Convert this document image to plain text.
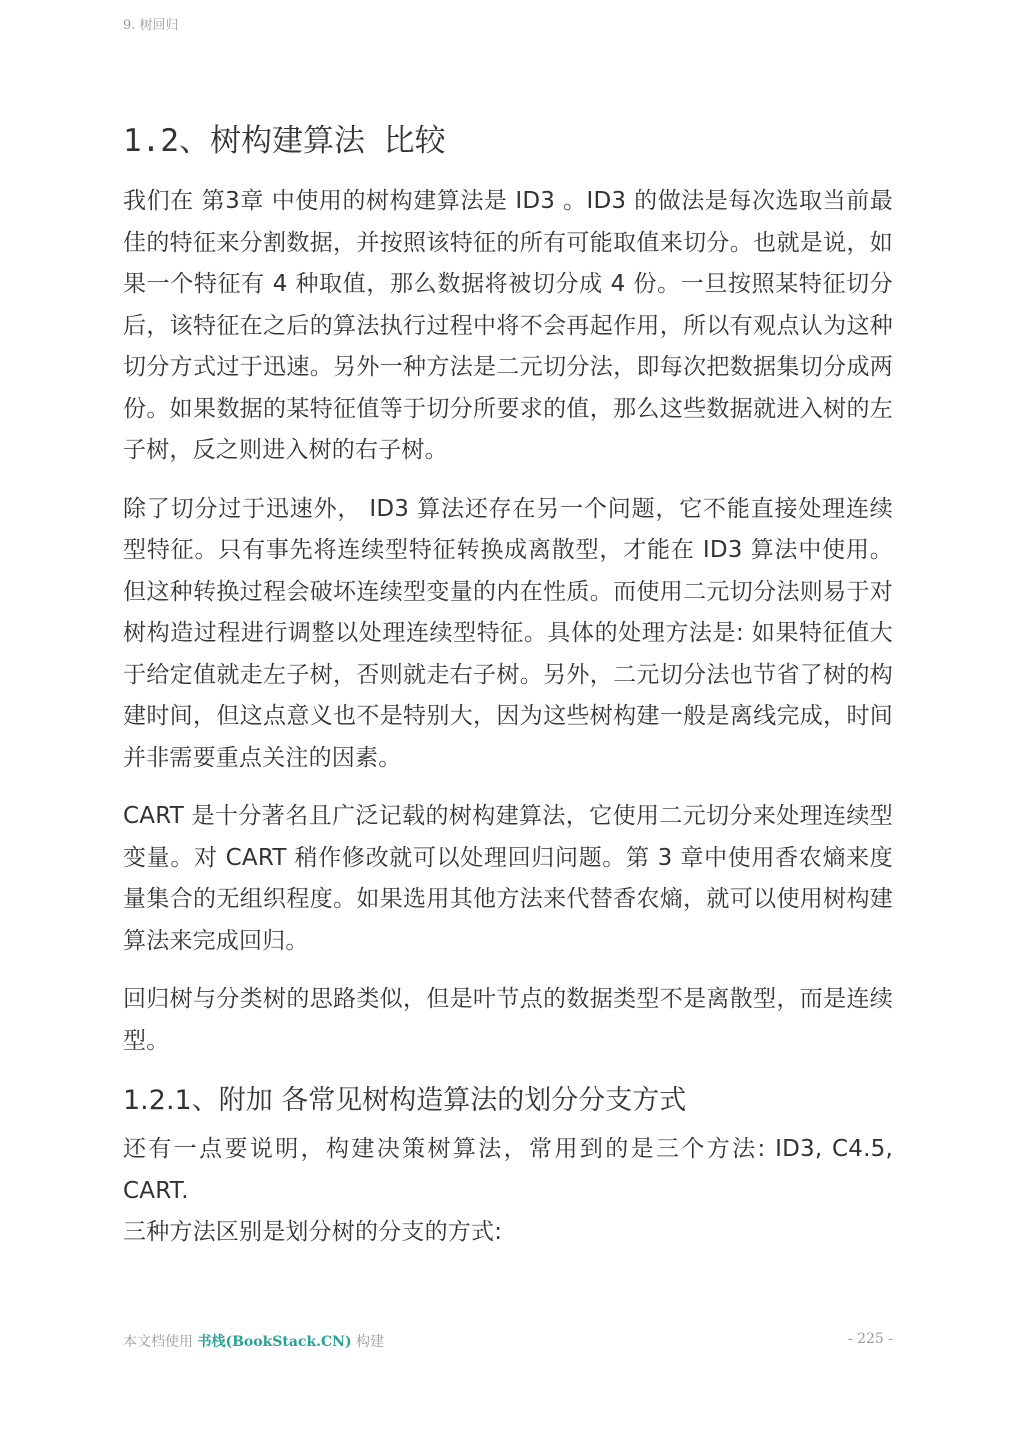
9. 树回归
1.2、树构建算法 比较

我们在 第3章 中使用的树构建算法是 ID3 。ID3 的做法是每次选取当前最佳的特征来分割数据，并按照该特征的所有可能取值来切分。也就是说，如果一个特征有 4 种取值，那么数据将被切分成 4 份。一旦按照某特征切分后，该特征在之后的算法执行过程中将不会再起作用，所以有观点认为这种切分方式过于迅速。另外一种方法是二元切分法，即每次把数据集切分成两份。如果数据的某特征值等于切分所要求的值，那么这些数据就进入树的左子树，反之则进入树的右子树。

除了切分过于迅速外， ID3 算法还存在另一个问题，它不能直接处理连续型特征。只有事先将连续型特征转换成离散型，才能在 ID3 算法中使用。但这种转换过程会破坏连续型变量的内在性质。而使用二元切分法则易于对树构造过程进行调整以处理连续型特征。具体的处理方法是: 如果特征值大于给定值就走左子树，否则就走右子树。另外，二元切分法也节省了树的构建时间，但这点意义也不是特别大，因为这些树构建一般是离线完成，时间并非需要重点关注的因素。

CART 是十分著名且广泛记载的树构建算法，它使用二元切分来处理连续型变量。对 CART 稍作修改就可以处理回归问题。第 3 章中使用香农熵来度量集合的无组织程度。如果选用其他方法来代替香农熵，就可以使用树构建算法来完成回归。

回归树与分类树的思路类似，但是叶节点的数据类型不是离散型，而是连续型。

1.2.1、附加 各常见树构造算法的划分分支方式

还有一点要说明，构建决策树算法，常用到的是三个方法: ID3, C4.5, CART.

三种方法区别是划分树的分支的方式:

本文档使用 书栈(BookStack.CN) 构建	- 225 -
